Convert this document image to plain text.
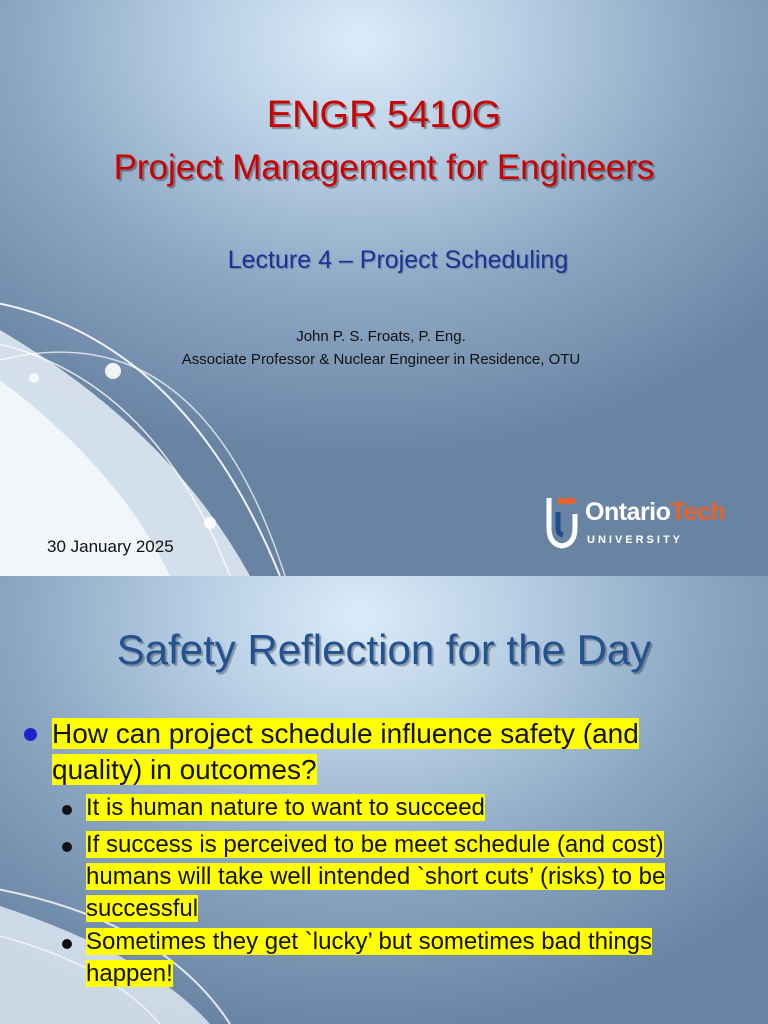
ENGR 5410G
Project Management for Engineers
Lecture 4 – Project Scheduling
John P. S. Froats, P. Eng.
Associate Professor & Nuclear Engineer in Residence, OTU
30 January 2025
OntarioTech
UNIVERSITY
Safety Reflection for the Day
How can project schedule influence safety (and
quality) in outcomes?
It is human nature to want to succeed
If success is perceived to be meet schedule (and cost)
humans will take well intended `short cuts’ (risks) to be
successful
Sometimes they get `lucky’ but sometimes bad things
happen!
